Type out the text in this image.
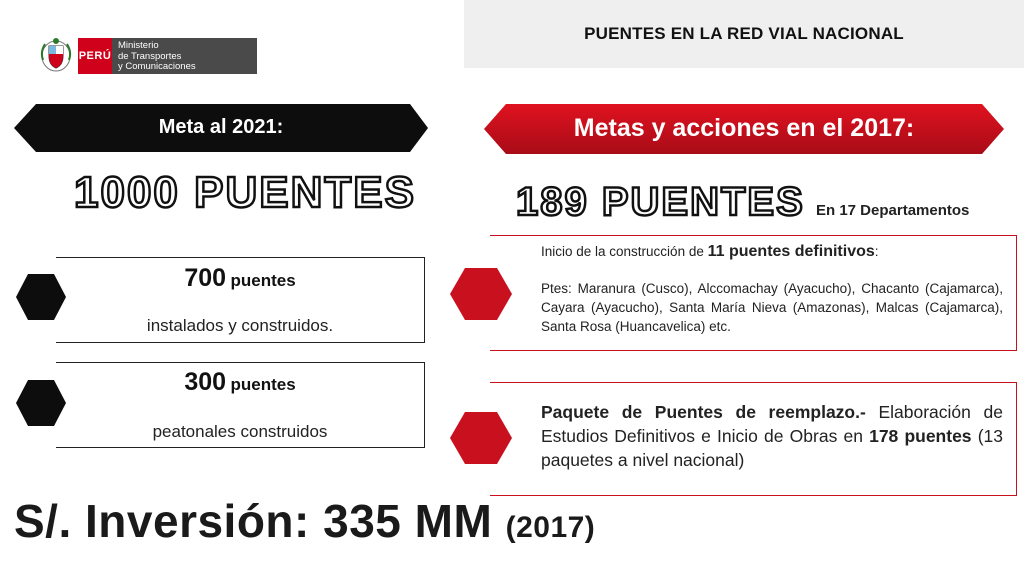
PUENTES EN LA RED VIAL NACIONAL
PERÚ
Ministerio
de Transportes
y Comunicaciones
Meta al 2021:	Metas y acciones en el 2017:
1000 PUENTES	189 PUENTES En 17 Departamentos
700 puentes
instalados y construidos.
300 puentes
peatonales construidos
Inicio de la construcción de 11 puentes definitivos:
Ptes: Maranura (Cusco), Alccomachay (Ayacucho), Chacanto (Cajamarca), Cayara (Ayacucho), Santa María Nieva (Amazonas), Malcas (Cajamarca), Santa Rosa (Huancavelica) etc.
Paquete de Puentes de reemplazo.- Elaboración de Estudios Definitivos e Inicio de Obras en 178 puentes (13 paquetes a nivel nacional)
S/. Inversión: 335 MM (2017)
